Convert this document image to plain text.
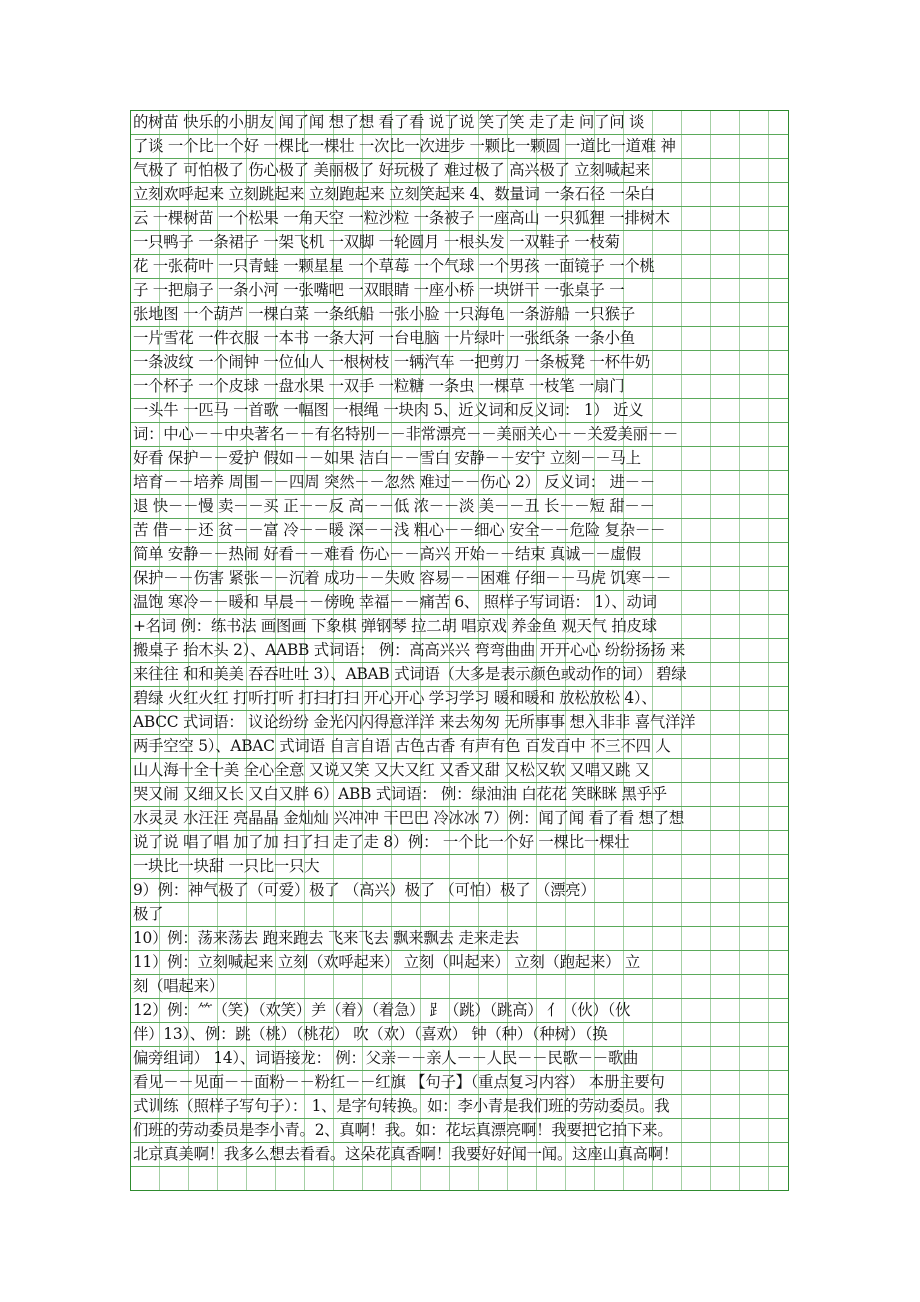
的树苗 快乐的小朋友 闻了闻 想了想 看了看 说了说 笑了笑 走了走 问了问 谈
了谈 一个比一个好 一棵比一棵壮 一次比一次进步 一颗比一颗圆 一道比一道难 神
气极了 可怕极了 伤心极了 美丽极了 好玩极了 难过极了 高兴极了 立刻喊起来
立刻欢呼起来 立刻跳起来 立刻跑起来 立刻笑起来 4、数量词 一条石径 一朵白
云 一棵树苗 一个松果 一角天空 一粒沙粒 一条被子 一座高山 一只狐狸 一排树木
一只鸭子 一条裙子 一架飞机 一双脚 一轮圆月 一根头发 一双鞋子 一枝菊
花 一张荷叶 一只青蛙 一颗星星 一个草莓 一个气球 一个男孩 一面镜子 一个桃
子 一把扇子 一条小河 一张嘴吧 一双眼睛 一座小桥 一块饼干 一张桌子 一
张地图 一个葫芦 一棵白菜 一条纸船 一张小脸 一只海龟 一条游船 一只猴子
一片雪花 一件衣服 一本书 一条大河 一台电脑 一片绿叶 一张纸条 一条小鱼
一条波纹 一个闹钟 一位仙人 一根树枝 一辆汽车 一把剪刀 一条板凳 一杯牛奶
一个杯子 一个皮球 一盘水果 一双手 一粒糖 一条虫 一棵草 一枝笔 一扇门
一头牛 一匹马 一首歌 一幅图 一根绳 一块肉 5、近义词和反义词： 1） 近义
词：中心－－中央著名－－有名特别－－非常漂亮－－美丽关心－－关爱美丽－－
好看 保护－－爱护 假如－－如果 洁白－－雪白 安静－－安宁 立刻－－马上
培育－－培养 周围－－四周 突然－－忽然 难过－－伤心 2） 反义词： 进－－
退 快－－慢 卖－－买 正－－反 高－－低 浓－－淡 美－－丑 长－－短 甜－－
苦 借－－还 贫－－富 冷－－暖 深－－浅 粗心－－细心 安全－－危险 复杂－－
简单 安静－－热闹 好看－－难看 伤心－－高兴 开始－－结束 真诚－－虚假
保护－－伤害 紧张－－沉着 成功－－失败 容易－－困难 仔细－－马虎 饥寒－－
温饱 寒冷－－暖和 早晨－－傍晚 幸福－－痛苦 6、 照样子写词语： 1）、动词
+名词 例：练书法 画图画 下象棋 弹钢琴 拉二胡 唱京戏 养金鱼 观天气 拍皮球
搬桌子 抬木头 2）、AABB 式词语： 例：高高兴兴 弯弯曲曲 开开心心 纷纷扬扬 来
来往往 和和美美 吞吞吐吐 3）、ABAB 式词语（大多是表示颜色或动作的词） 碧绿
碧绿 火红火红 打听打听 打扫打扫 开心开心 学习学习 暖和暖和 放松放松 4）、
ABCC 式词语： 议论纷纷 金光闪闪得意洋洋 来去匆匆 无所事事 想入非非 喜气洋洋
两手空空 5）、ABAC 式词语 自言自语 古色古香 有声有色 百发百中 不三不四 人
山人海十全十美 全心全意 又说又笑 又大又红 又香又甜 又松又软 又唱又跳 又
哭又闹 又细又长 又白又胖 6）ABB 式词语： 例：绿油油 白花花 笑眯眯 黑乎乎
水灵灵 水汪汪 亮晶晶 金灿灿 兴冲冲 干巴巴 冷冰冰 7）例：闻了闻 看了看 想了想
说了说 唱了唱 加了加 扫了扫 走了走 8）例： 一个比一个好 一棵比一棵壮
一块比一块甜 一只比一只大
9）例：神气极了（可爱）极了 （高兴）极了 （可怕）极了 （漂亮）
极了
10）例：荡来荡去 跑来跑去 飞来飞去 飘来飘去 走来走去
11）例：立刻喊起来 立刻（欢呼起来） 立刻（叫起来） 立刻（跑起来） 立
刻（唱起来）
12）例：⺮（笑）（欢笑）⺶（着）（着急） ⻊（跳）（跳高） 亻（伙）（伙
伴）13）、例：跳（桃）（桃花） 吹（欢）（喜欢） 钟（种）（种树）（换
偏旁组词） 14）、词语接龙： 例：父亲－－亲人－－人民－－民歌－－歌曲
看见－－见面－－面粉－－粉红－－红旗 【句子】（重点复习内容） 本册主要句
式训练（照样子写句子）： 1、是字句转换。如：李小青是我们班的劳动委员。我
们班的劳动委员是李小青。2、真啊！我。如：花坛真漂亮啊！我要把它拍下来。
北京真美啊！我多么想去看看。这朵花真香啊！我要好好闻一闻。这座山真高啊！
